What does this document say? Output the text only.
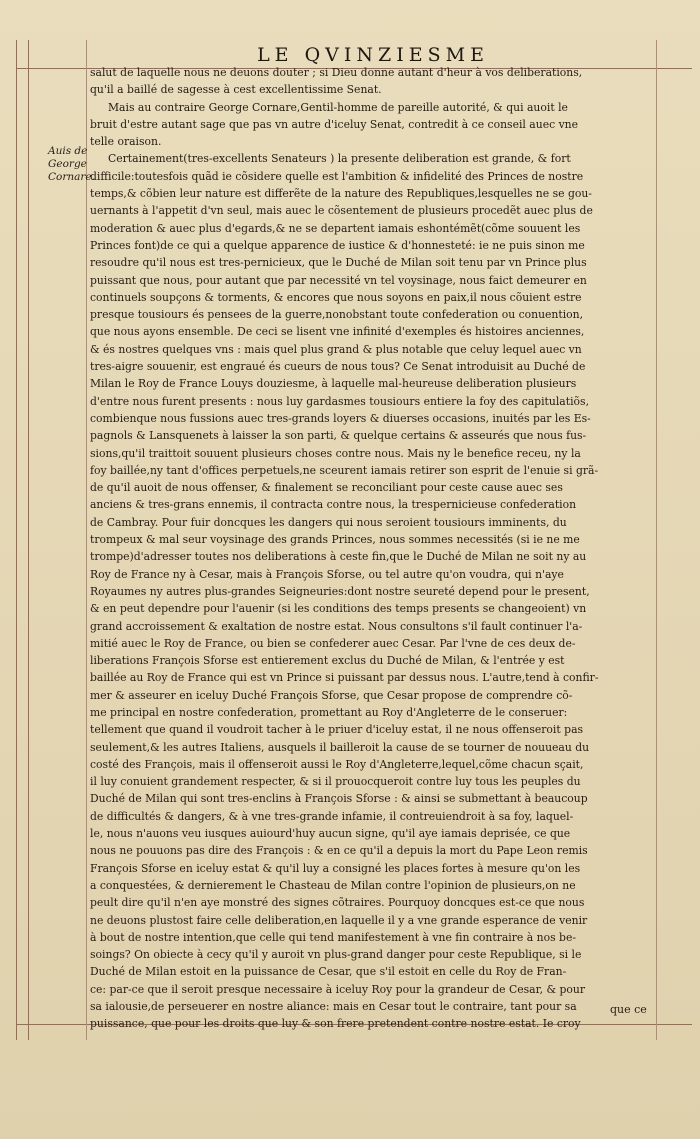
LE QVINZIESME
Auis de
George
Cornare.
salut de laquelle nous ne deuons douter ; si Dieu donne autant d'heur à vos deliberations,
qu'il a baillé de sagesse à cest excellentissime Senat.
Mais au contraire George Cornare,Gentil-homme de pareille autorité, & qui auoit le
bruit d'estre autant sage que pas vn autre d'iceluy Senat, contredit à ce conseil auec vne
telle oraison.
Certainement(tres-excellents Senateurs ) la presente deliberation est grande, & fort
difficile:toutesfois quãd ie cõsidere quelle est l'ambition & infidelité des Princes de nostre
temps,& cõbien leur nature est differẽte de la nature des Republiques,lesquelles ne se gou-
uernants à l'appetit d'vn seul, mais auec le cõsentement de plusieurs procedẽt auec plus de
moderation & auec plus d'egards,& ne se departent iamais eshontémẽt(cõme souuent les
Princes font)de ce qui a quelque apparence de iustice & d'honnesteté: ie ne puis sinon me
resoudre qu'il nous est tres-pernicieux, que le Duché de Milan soit tenu par vn Prince plus
puissant que nous, pour autant que par necessité vn tel voysinage, nous faict demeurer en
continuels soupçons & torments, & encores que nous soyons en paix,il nous cõuient estre
presque tousiours és pensees de la guerre,nonobstant toute confederation ou conuention,
que nous ayons ensemble. De ceci se lisent vne infinité d'exemples és histoires anciennes,
& és nostres quelques vns : mais quel plus grand & plus notable que celuy lequel auec vn
tres-aigre souuenir, est engraué és cueurs de nous tous? Ce Senat introduisit au Duché de
Milan le Roy de France Louys douziesme, à laquelle mal-heureuse deliberation plusieurs
d'entre nous furent presents : nous luy gardasmes tousiours entiere la foy des capitulatiõs,
combienque nous fussions auec tres-grands loyers & diuerses occasions, inuités par les Es-
pagnols & Lansquenets à laisser la son parti, & quelque certains & asseurés que nous fus-
sions,qu'il traittoit souuent plusieurs choses contre nous. Mais ny le benefice receu, ny la
foy baillée,ny tant d'offices perpetuels,ne sceurent iamais retirer son esprit de l'enuie si grã-
de qu'il auoit de nous offenser, & finalement se reconciliant pour ceste cause auec ses
anciens & tres-grans ennemis, il contracta contre nous, la trespernicieuse confederation
de Cambray. Pour fuir doncques les dangers qui nous seroient tousiours imminents, du
trompeux & mal seur voysinage des grands Princes, nous sommes necessités (si ie ne me
trompe)d'adresser toutes nos deliberations à ceste fin,que le Duché de Milan ne soit ny au
Roy de France ny à Cesar, mais à François Sforse, ou tel autre qu'on voudra, qui n'aye
Royaumes ny autres plus-grandes Seigneuries:dont nostre seureté depend pour le present,
& en peut dependre pour l'auenir (si les conditions des temps presents se changeoient) vn
grand accroissement & exaltation de nostre estat. Nous consultons s'il fault continuer l'a-
mitié auec le Roy de France, ou bien se confederer auec Cesar. Par l'vne de ces deux de-
liberations François Sforse est entierement exclus du Duché de Milan, & l'entrée y est
baillée au Roy de France qui est vn Prince si puissant par dessus nous. L'autre,tend à confir-
mer & asseurer en iceluy Duché François Sforse, que Cesar propose de comprendre cõ-
me principal en nostre confederation, promettant au Roy d'Angleterre de le conseruer:
tellement que quand il voudroit tacher à le priuer d'iceluy estat, il ne nous offenseroit pas
seulement,& les autres Italiens, ausquels il bailleroit la cause de se tourner de nouueau du
costé des François, mais il offenseroit aussi le Roy d'Angleterre,lequel,cõme chacun sçait,
il luy conuient grandement respecter, & si il prouocqueroit contre luy tous les peuples du
Duché de Milan qui sont tres-enclins à François Sforse : & ainsi se submettant à beaucoup
de difficultés & dangers, & à vne tres-grande infamie, il contreuiendroit à sa foy, laquel-
le, nous n'auons veu iusques auiourd'huy aucun signe, qu'il aye iamais deprisée, ce que
nous ne pouuons pas dire des François : & en ce qu'il a depuis la mort du Pape Leon remis
François Sforse en iceluy estat & qu'il luy a consigné les places fortes à mesure qu'on les
a conquestées, & dernierement le Chasteau de Milan contre l'opinion de plusieurs,on ne
peult dire qu'il n'en aye monstré des signes cõtraires. Pourquoy doncques est-ce que nous
ne deuons plustost faire celle deliberation,en laquelle il y a vne grande esperance de venir
à bout de nostre intention,que celle qui tend manifestement à vne fin contraire à nos be-
soings? On obiecte à cecy qu'il y auroit vn plus-grand danger pour ceste Republique, si le
Duché de Milan estoit en la puissance de Cesar, que s'il estoit en celle du Roy de Fran-
ce: par-ce que il seroit presque necessaire à iceluy Roy pour la grandeur de Cesar, & pour
sa ialousie,de perseuerer en nostre aliance: mais en Cesar tout le contraire, tant pour sa
puissance, que pour les droits que luy & son frere pretendent contre nostre estat. Ie croy
que ce
